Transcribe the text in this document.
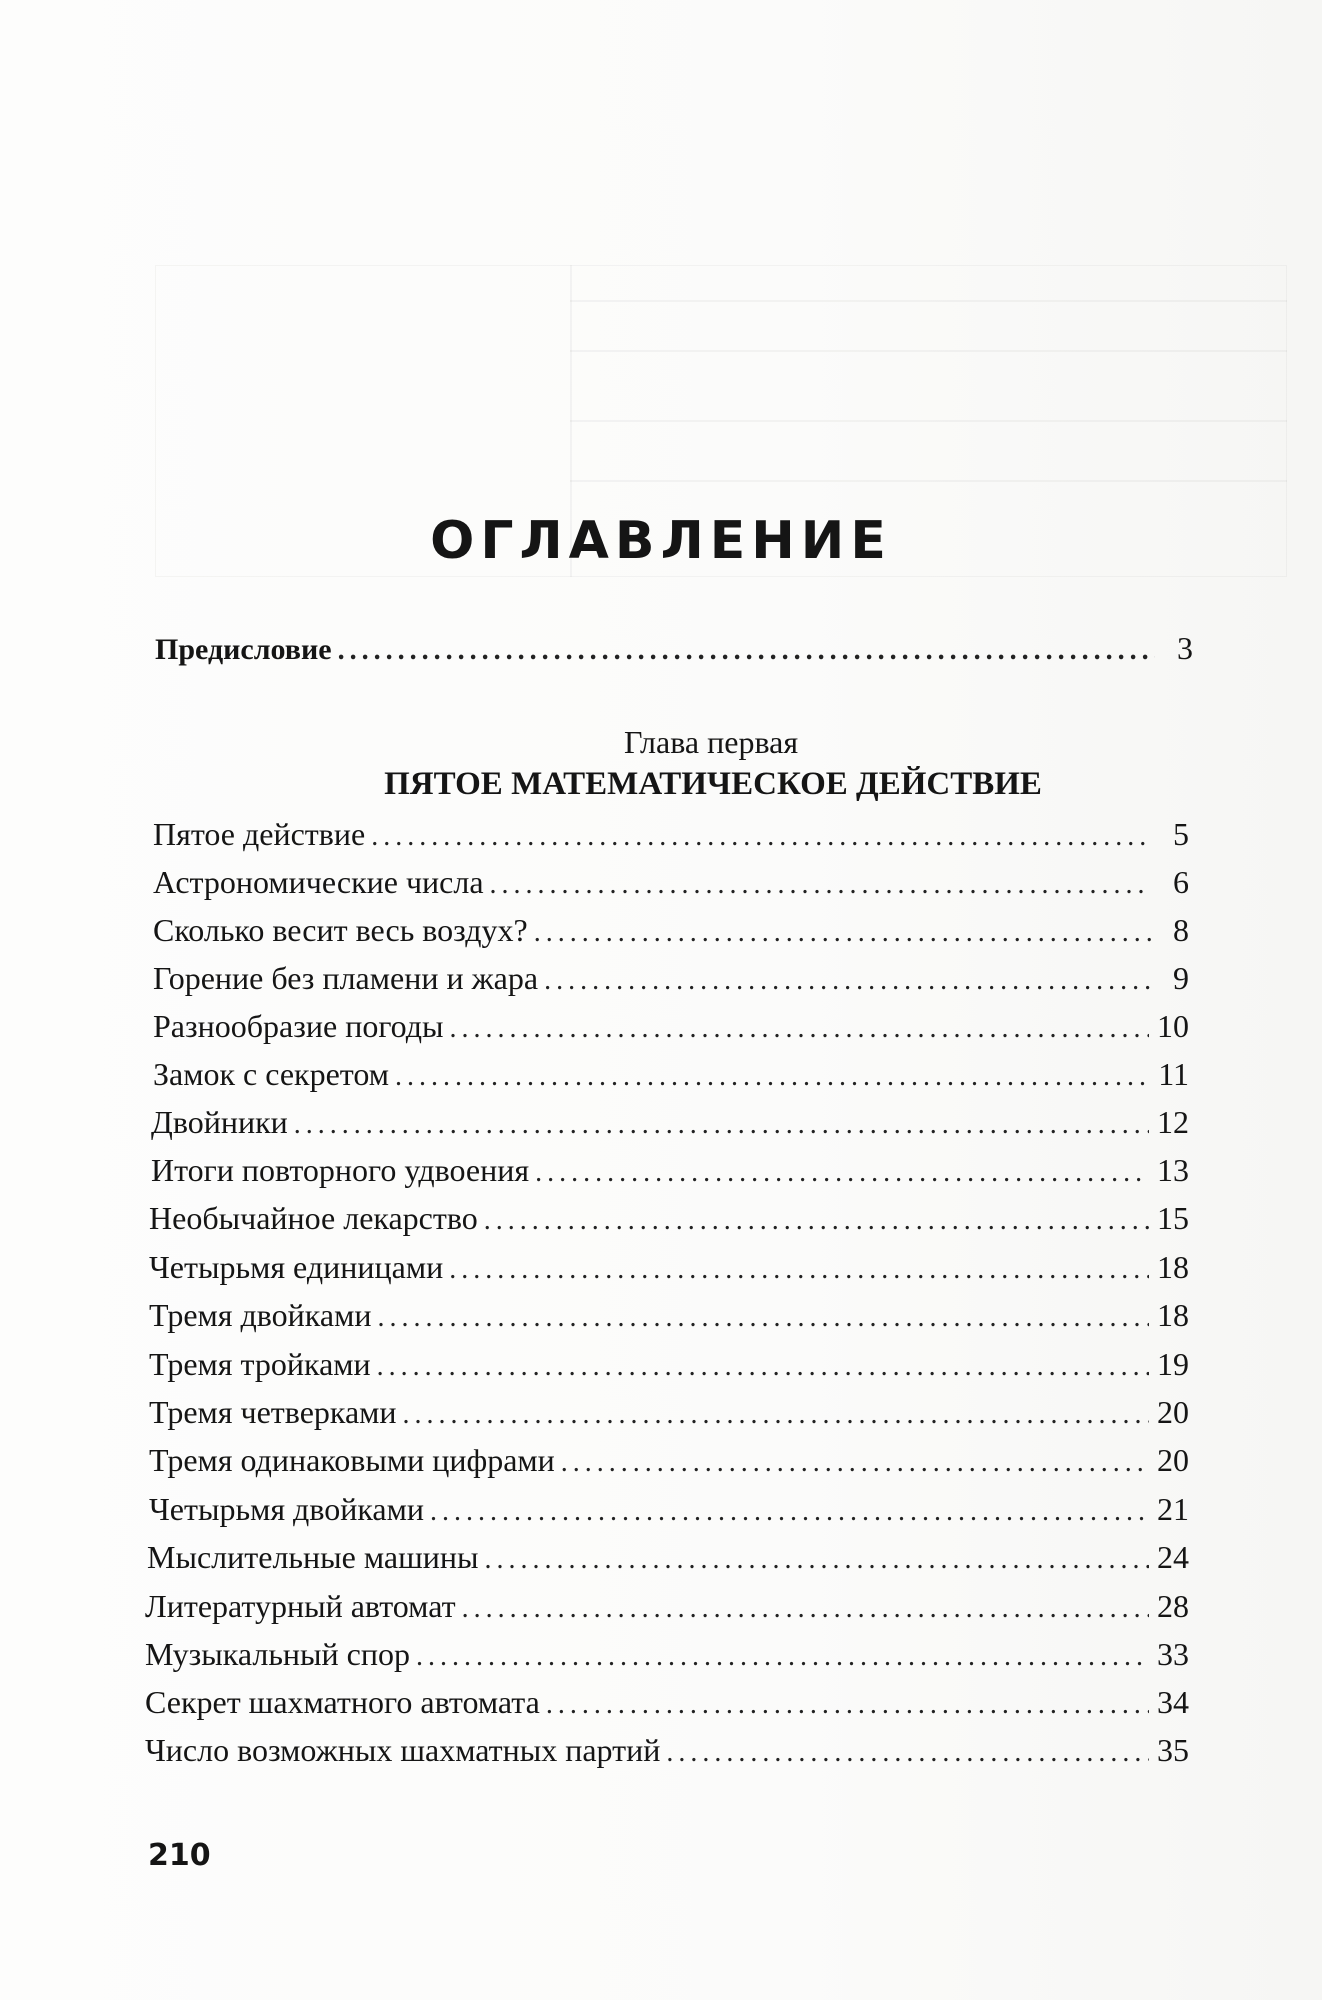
ОГЛАВЛЕНИЕ
Предисловие . . .	3
Глава первая
ПЯТОЕ МАТЕМАТИЧЕСКОЕ ДЕЙСТВИЕ
Пятое действие . . .	5
Астрономические числа . . .	6
Сколько весит весь воздух? . . .	8
Горение без пламени и жара . . .	9
Разнообразие погоды . . .	10
Замок с секретом . . .	11
Двойники . . .	12
Итоги повторного удвоения . . .	13
Необычайное лекарство . . .	15
Четырьмя единицами . . .	18
Тремя двойками . . .	18
Тремя тройками . . .	19
Тремя четверками . . .	20
Тремя одинаковыми цифрами . . .	20
Четырьмя двойками . . .	21
Мыслительные машины . . .	24
Литературный автомат . . .	28
Музыкальный спор . . .	33
Секрет шахматного автомата . . .	34
Число возможных шахматных партий . . .	35
210
